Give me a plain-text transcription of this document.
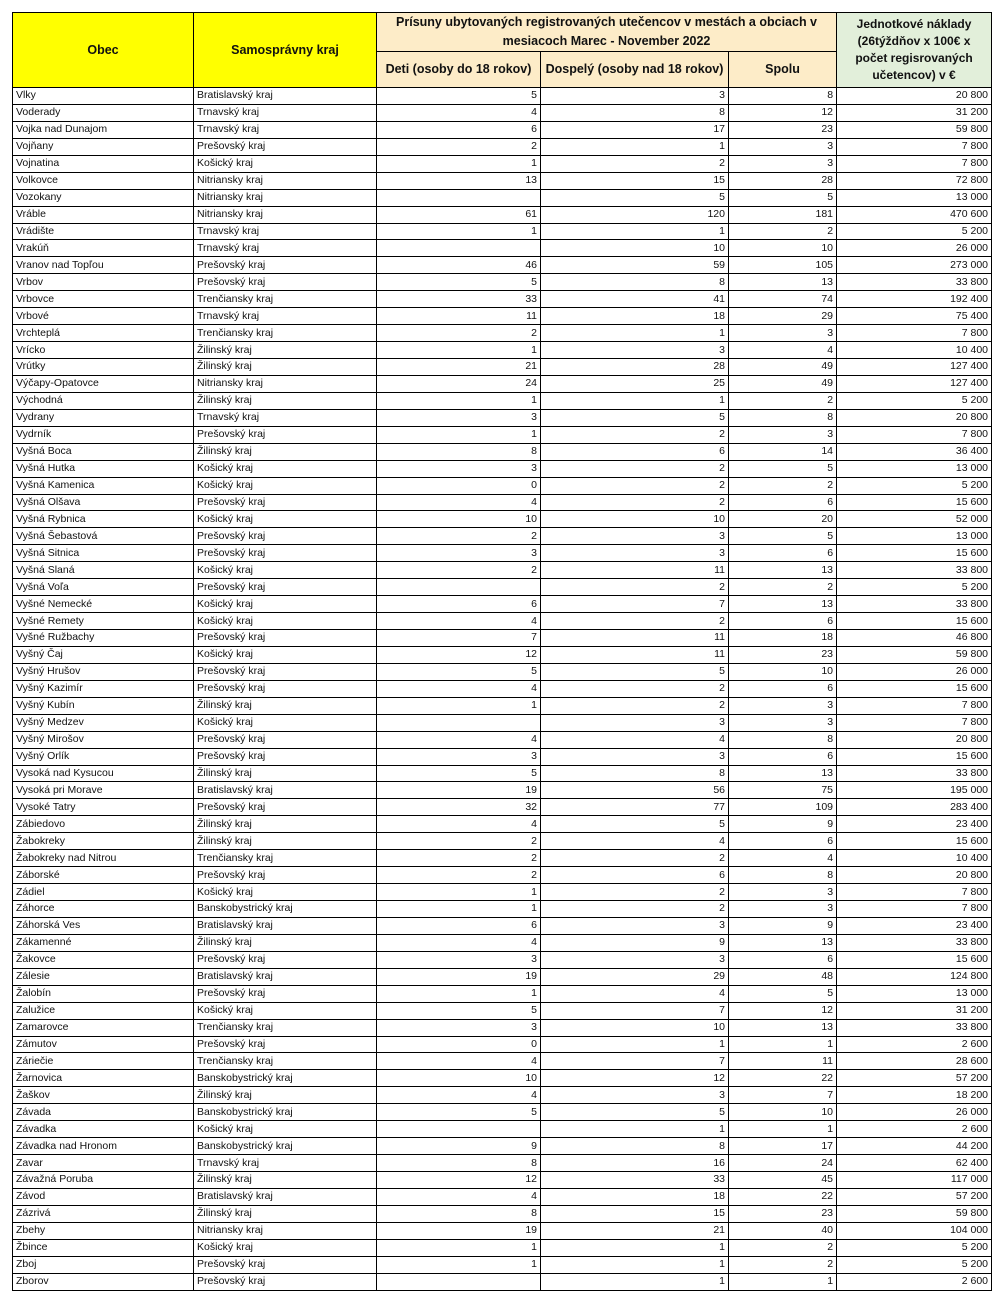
Obec	Samosprávny kraj	Prísuny ubytovaných registrovaných utečencov v mestách a obciach v mesiacoch Marec - November 2022			Jednotkové náklady (26týždňov x 100€ x počet regisrovaných učetencov) v €
		Deti (osoby do 18 rokov)	Dospelý (osoby nad 18 rokov)	Spolu	
Vlky	Bratislavský kraj	5	3	8	20 800
Voderady	Trnavský kraj	4	8	12	31 200
Vojka nad Dunajom	Trnavský kraj	6	17	23	59 800
Vojňany	Prešovský kraj	2	1	3	7 800
Vojnatina	Košický kraj	1	2	3	7 800
Volkovce	Nitriansky kraj	13	15	28	72 800
Vozokany	Nitriansky kraj		5	5	13 000
Vráble	Nitriansky kraj	61	120	181	470 600
Vrádište	Trnavský kraj	1	1	2	5 200
Vrakúň	Trnavský kraj		10	10	26 000
Vranov nad Topľou	Prešovský kraj	46	59	105	273 000
Vrbov	Prešovský kraj	5	8	13	33 800
Vrbovce	Trenčiansky kraj	33	41	74	192 400
Vrbové	Trnavský kraj	11	18	29	75 400
Vrchteplá	Trenčiansky kraj	2	1	3	7 800
Vrícko	Žilinský kraj	1	3	4	10 400
Vrútky	Žilinský kraj	21	28	49	127 400
Výčapy-Opatovce	Nitriansky kraj	24	25	49	127 400
Východná	Žilinský kraj	1	1	2	5 200
Vydrany	Trnavský kraj	3	5	8	20 800
Vydrník	Prešovský kraj	1	2	3	7 800
Vyšná Boca	Žilinský kraj	8	6	14	36 400
Vyšná Hutka	Košický kraj	3	2	5	13 000
Vyšná Kamenica	Košický kraj	0	2	2	5 200
Vyšná Olšava	Prešovský kraj	4	2	6	15 600
Vyšná Rybnica	Košický kraj	10	10	20	52 000
Vyšná Šebastová	Prešovský kraj	2	3	5	13 000
Vyšná Sitnica	Prešovský kraj	3	3	6	15 600
Vyšná Slaná	Košický kraj	2	11	13	33 800
Vyšná Voľa	Prešovský kraj		2	2	5 200
Vyšné Nemecké	Košický kraj	6	7	13	33 800
Vyšné Remety	Košický kraj	4	2	6	15 600
Vyšné Ružbachy	Prešovský kraj	7	11	18	46 800
Vyšný Čaj	Košický kraj	12	11	23	59 800
Vyšný Hrušov	Prešovský kraj	5	5	10	26 000
Vyšný Kazimír	Prešovský kraj	4	2	6	15 600
Vyšný Kubín	Žilinský kraj	1	2	3	7 800
Vyšný Medzev	Košický kraj		3	3	7 800
Vyšný Mirošov	Prešovský kraj	4	4	8	20 800
Vyšný Orlík	Prešovský kraj	3	3	6	15 600
Vysoká nad Kysucou	Žilinský kraj	5	8	13	33 800
Vysoká pri Morave	Bratislavský kraj	19	56	75	195 000
Vysoké Tatry	Prešovský kraj	32	77	109	283 400
Zábiedovo	Žilinský kraj	4	5	9	23 400
Žabokreky	Žilinský kraj	2	4	6	15 600
Žabokreky nad Nitrou	Trenčiansky kraj	2	2	4	10 400
Záborské	Prešovský kraj	2	6	8	20 800
Zádiel	Košický kraj	1	2	3	7 800
Záhorce	Banskobystrický kraj	1	2	3	7 800
Záhorská Ves	Bratislavský kraj	6	3	9	23 400
Zákamenné	Žilinský kraj	4	9	13	33 800
Žakovce	Prešovský kraj	3	3	6	15 600
Zálesie	Bratislavský kraj	19	29	48	124 800
Žalobín	Prešovský kraj	1	4	5	13 000
Zalužice	Košický kraj	5	7	12	31 200
Zamarovce	Trenčiansky kraj	3	10	13	33 800
Zámutov	Prešovský kraj	0	1	1	2 600
Záriečie	Trenčiansky kraj	4	7	11	28 600
Žarnovica	Banskobystrický kraj	10	12	22	57 200
Žaškov	Žilinský kraj	4	3	7	18 200
Závada	Banskobystrický kraj	5	5	10	26 000
Závadka	Košický kraj		1	1	2 600
Závadka nad Hronom	Banskobystrický kraj	9	8	17	44 200
Zavar	Trnavský kraj	8	16	24	62 400
Závažná Poruba	Žilinský kraj	12	33	45	117 000
Závod	Bratislavský kraj	4	18	22	57 200
Zázrivá	Žilinský kraj	8	15	23	59 800
Zbehy	Nitriansky kraj	19	21	40	104 000
Žbince	Košický kraj	1	1	2	5 200
Zboj	Prešovský kraj	1	1	2	5 200
Zborov	Prešovský kraj		1	1	2 600
